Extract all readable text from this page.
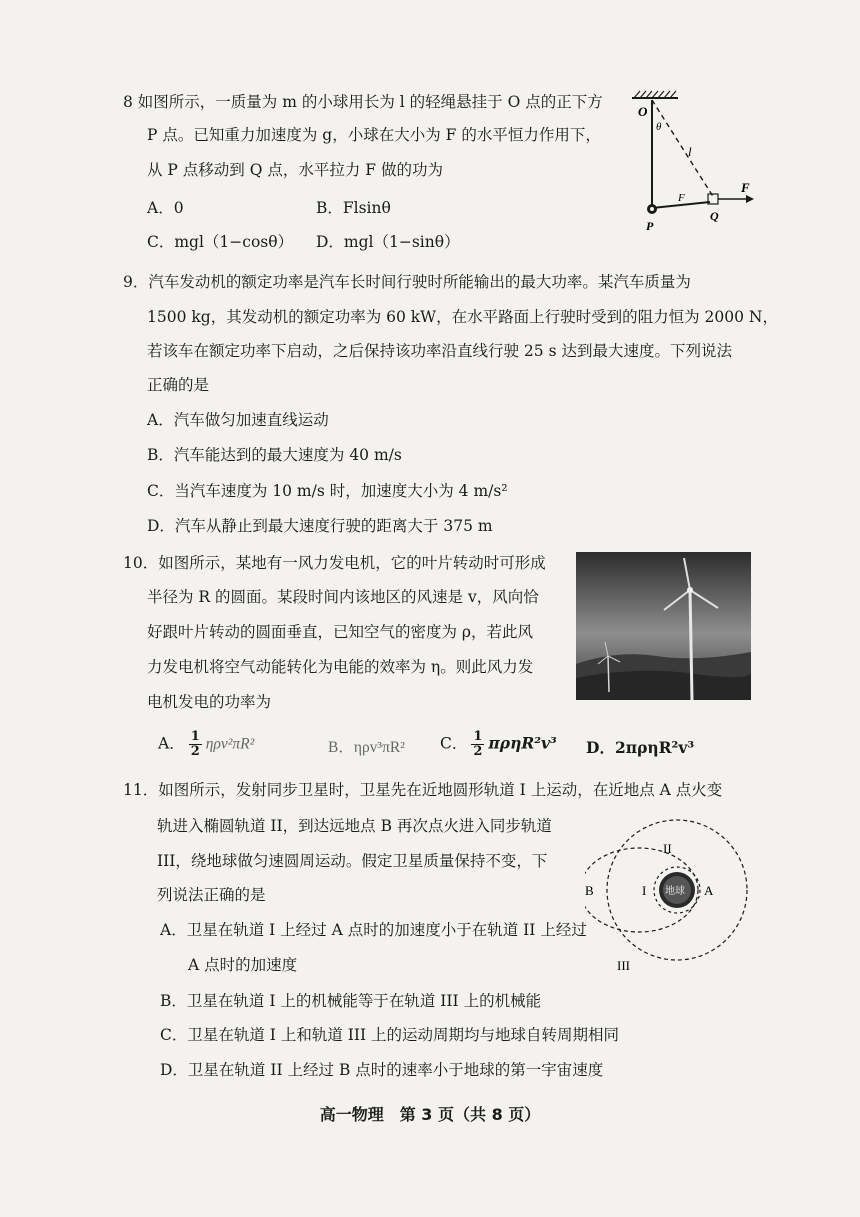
8 如图所示，一质量为 m 的小球用长为 l 的轻绳悬挂于 O 点的正下方
P 点。已知重力加速度为 g，小球在大小为 F 的水平恒力作用下，
从 P 点移动到 Q 点，水平拉力 F 做的功为
A．0	B．Flsinθ
C．mgl（1−cosθ） D．mgl（1−sinθ）
O
θ
l
F
F
P
Q
9．汽车发动机的额定功率是汽车长时间行驶时所能输出的最大功率。某汽车质量为
1500 kg，其发动机的额定功率为 60 kW，在水平路面上行驶时受到的阻力恒为 2000 N，
若该车在额定功率下启动，之后保持该功率沿直线行驶 25 s 达到最大速度。下列说法
正确的是
A．汽车做匀加速直线运动
B．汽车能达到的最大速度为 40 m/s
C．当汽车速度为 10 m/s 时，加速度大小为 4 m/s²
D．汽车从静止到最大速度行驶的距离大于 375 m
10．如图所示，某地有一风力发电机，它的叶片转动时可形成
半径为 R 的圆面。某段时间内该地区的风速是 v，风向恰
好跟叶片转动的圆面垂直，已知空气的密度为 ρ，若此风
力发电机将空气动能转化为电能的效率为 η。则此风力发
电机发电的功率为
A． $\frac{1}{2} \eta\rho v^2\pi R^2$	B．ηρv³πR² C． $\frac{1}{2} \pi\rho\eta R^2v^3$ D．2πρηR²v³
11．如图所示，发射同步卫星时，卫星先在近地圆形轨道 I 上运动，在近地点 A 点火变
轨进入椭圆轨道 II，到达远地点 B 再次点火进入同步轨道
III，绕地球做匀速圆周运动。假定卫星质量保持不变，下
列说法正确的是
A．卫星在轨道 I 上经过 A 点时的加速度小于在轨道 II 上经过
A 点时的加速度
B．卫星在轨道 I 上的机械能等于在轨道 III 上的机械能
C．卫星在轨道 I 上和轨道 III 上的运动周期均与地球自转周期相同
D．卫星在轨道 II 上经过 B 点时的速率小于地球的第一宇宙速度
地球
II
I
B	A
III
高一物理　第 3 页（共 8 页）
